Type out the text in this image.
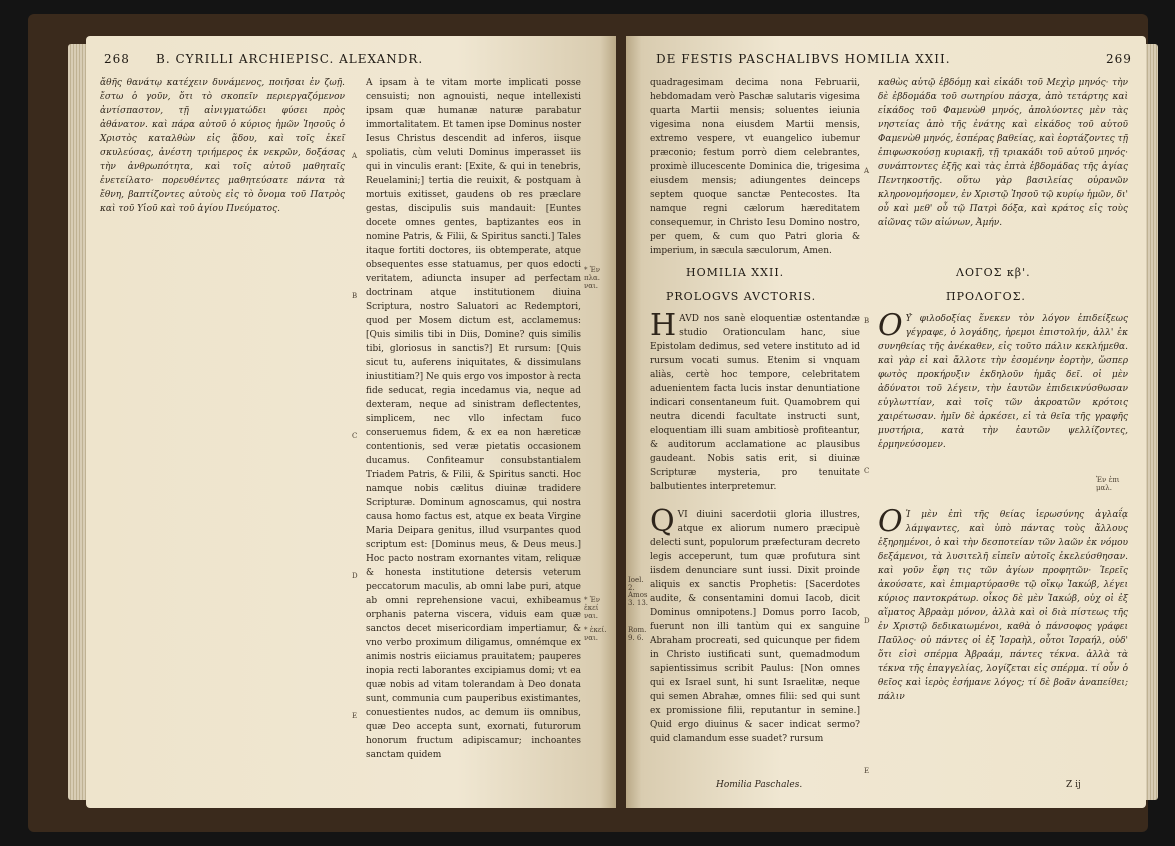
268 B. CYRILLI ARCHIEPISC. ALEXANDR.

ἄθῆς θανάτῳ κατέχειν δυνάμενος, ποιῆσαι ἐν ζωῇ. ἔστω ὁ γοῦν, ὅτι τὸ σκοπεῖν περιεργαζόμενον ἀντίσπαστον, τῇ αἰνιγματώδει φύσει πρὸς ἀθάνατον. καὶ πάρα αὐτοῦ ὁ κύριος ἡμῶν Ἰησοῦς ὁ Χριστὸς καταλθὼν εἰς ᾅδου, καὶ τοῖς ἐκεῖ σκυλεύσας, ἀνέστη τριήμερος ἐκ νεκρῶν, δοξάσας τὴν ἀνθρωπότητα, καὶ τοῖς αὐτοῦ μαθηταῖς ἐνετείλατο· πορευθέντες μαθητεύσατε πάντα τὰ ἔθνη, βαπτίζοντες αὐτοὺς εἰς τὸ ὄνομα τοῦ Πατρὸς καὶ τοῦ Υἱοῦ καὶ τοῦ ἁγίου Πνεύματος.

A
B
C
D
E

A ipsam à te vitam morte implicati posse censuisti; non agnouisti, neque intellexisti ipsam quæ humanæ naturæ parabatur immortalitatem. Et tamen ipse Dominus noster Iesus Christus descendit ad inferos, iisque spoliatis, cùm veluti Dominus imperasset iis qui in vinculis erant: [Exite, & qui in tenebris, Reuelamini;] tertia die reuixit, & postquam à mortuis exitisset, gaudens ob res præclare gestas, discipulis suis mandauit: [Euntes docete omnes gentes, baptizantes eos in nomine Patris, & Filii, & Spiritus sancti.] Tales itaque fortiti doctores, iis obtemperate, atque obsequentes esse statuamus, per quos edocti veritatem, adiuncta insuper ad perfectam doctrinam atque institutionem diuina Scriptura, nostro Saluatori ac Redemptori, quod per Mosem dictum est, acclamemus: [Quis similis tibi in Diis, Domine? quis similis tibi, gloriosus in sanctis?] Et rursum: [Quis sicut tu, auferens iniquitates, & dissimulans iniustitiam?] Ne quis ergo vos impostor à recta fide seducat, regia incedamus via, neque ad dexteram, neque ad sinistram deflectentes, simplicem, nec vllo infectam fuco conseruemus fidem, & ex ea non hæreticæ contentionis, sed veræ pietatis occasionem ducamus. Confiteamur consubstantialem Triadem Patris, & Filii, & Spiritus sancti. Hoc namque nobis cælitus diuinæ tradidere Scripturæ. Dominum agnoscamus, qui nostra causa homo factus est, atque ex beata Virgine Maria Deipara genitus, illud vsurpantes quod scriptum est: [Dominus meus, & Deus meus.] Hoc pacto nostram exornantes vitam, reliquæ & honesta institutione detersis veterum peccatorum maculis, ab omni labe puri, atque ab omni reprehensione vacui, exhibeamus orphanis paterna viscera, viduis eam quæ sanctos decet misericordiam impertiamur, & vno verbo proximum diligamus, omnémque ex animis nostris eiiciamus prauitatem; pauperes inopia recti laborantes excipiamus domi; vt ea quæ nobis ad vitam tolerandam à Deo donata sunt, communia cum pauperibus existimantes, conuestientes nudos, ac demum iis omnibus, quæ Deo accepta sunt, exornati, futurorum honorum fructum adipiscamur; inchoantes sanctam quidem

* Ἐν πλα. ναι.
* Ἐν ἐκεί ναι.
* ἐκεί. ναι.
DE FESTIS PASCHALIBVS HOMILIA XXII.	269

quadragesimam decima nona Februarii, hebdomadam verò Paschæ salutaris vigesima quarta Martii mensis; soluentes ieiunia vigesima nona eiusdem Martii mensis, extremo vespere, vt euangelico iubemur præconio; festum porrò diem celebrantes, proximè illucescente Dominica die, trigesima eiusdem mensis; adiungentes deinceps septem quoque sanctæ Pentecostes. Ita namque regni cælorum hæreditatem consequemur, in Christo Iesu Domino nostro, per quem, & cum quo Patri gloria & imperium, in sæcula sæculorum, Amen.

καθὼς αὐτῷ ἑβδόμῃ καὶ εἰκάδι τοῦ Μεχὶρ μηνός· τὴν δὲ ἑβδομάδα τοῦ σωτηρίου πάσχα, ἀπὸ τετάρτης καὶ εἰκάδος τοῦ Φαμενὼθ μηνός, ἀπολύοντες μὲν τὰς νηστείας ἀπὸ τῆς ἐνάτης καὶ εἰκάδος τοῦ αὐτοῦ Φαμενὼθ μηνός, ἑσπέρας βαθείας, καὶ ἑορτάζοντες τῇ ἐπιφωσκούσῃ κυριακῇ, τῇ τριακάδι τοῦ αὐτοῦ μηνός· συνάπτοντες ἑξῆς καὶ τὰς ἑπτὰ ἑβδομάδας τῆς ἁγίας Πεντηκοστῆς. οὕτω γὰρ βασιλείας οὐρανῶν κληρονομήσομεν, ἐν Χριστῷ Ἰησοῦ τῷ κυρίῳ ἡμῶν, δι' οὗ καὶ μεθ' οὗ τῷ Πατρὶ δόξα, καὶ κράτος εἰς τοὺς αἰῶνας τῶν αἰώνων, Ἀμήν.

HOMILIA XXII.	ΛΟΓΟΣ κβ'.
PROLOGVS AVCTORIS.	ΠΡΟΛΟΓΟΣ.
H AVD nos sanè eloquentiæ ostentandæ studio Orationculam hanc, siue Epistolam dedimus, sed vetere instituto ad id rursum vocati sumus. Etenim si vnquam aliàs, certè hoc tempore, celebritatem aduenientem facta lucis instar denuntiatione indicari consentaneum fuit. Quamobrem qui neutra dicendi facultate instructi sunt, eloquentiam illi suam ambitiosè profiteantur, & auditorum acclamatione ac plausibus gaudeant. Nobis satis erit, si diuinæ Scripturæ mysteria, pro tenuitate balbutientes interpretemur.
Ο Υ̓ φιλοδοξίας ἕνεκεν τὸν λόγον ἐπιδείξεως γέγραφε, ὁ λογάδης, ἠρεμοι ἐπιστολήν, ἀλλ' ἐκ συνηθείας τῆς ἀνέκαθεν, εἰς τοῦτο πάλιν κεκλήμεθα. καὶ γὰρ εἰ καὶ ἄλλοτε τὴν ἐσομένην ἑορτὴν, ὥσπερ φωτὸς προκήρυξιν ἐκδηλοῦν ἡμᾶς δεῖ. οἱ μὲν ἀδύνατοι τοῦ λέγειν, τὴν ἑαυτῶν ἐπιδεικνύσθωσαν εὐγλωττίαν, καὶ τοῖς τῶν ἀκροατῶν κρότοις χαιρέτωσαν. ἡμῖν δὲ ἀρκέσει, εἰ τὰ θεῖα τῆς γραφῆς μυστήρια, κατὰ τὴν ἑαυτῶν ψελλίζοντες, ἑρμηνεύσομεν.
Q VI diuini sacerdotii gloria illustres, atque ex aliorum numero præcipuè delecti sunt, populorum præfecturam decreto legis acceperunt, tum quæ profutura sint iisdem denunciare sunt iussi. Dixit proinde aliquis ex sanctis Prophetis: [Sacerdotes audite, & consentamini domui Iacob, dicit Dominus omnipotens.] Domus porro Iacob, fuerunt non illi tantùm qui ex sanguine Abraham procreati, sed quicunque per fidem in Christo iustificati sunt, quemadmodum sapientissimus scribit Paulus: [Non omnes qui ex Israel sunt, hi sunt Israelitæ, neque qui semen Abrahæ, omnes filii: sed qui sunt ex promissione filii, reputantur in semine.] Quid ergo diuinus & sacer indicat sermo? quid clamandum esse suadet? rursum
Ο Ἱ μὲν ἐπὶ τῆς θείας ἱερωσύνης ἀγλαΐᾳ λάμψαντες, καὶ ὑπὸ πάντας τοὺς ἄλλους ἐξηρημένοι, ὁ καὶ τὴν δεσποτείαν τῶν λαῶν ἐκ νόμου δεξάμενοι, τὰ λυσιτελῆ εἰπεῖν αὐτοῖς ἐκελεύσθησαν. καὶ γοῦν ἔφη τις τῶν ἁγίων προφητῶν· Ἱερεῖς ἀκούσατε, καὶ ἐπιμαρτύρασθε τῷ οἴκῳ Ἰακώβ, λέγει κύριος παντοκράτωρ. οἶκος δὲ μὲν Ἰακώβ, οὐχ οἱ ἐξ αἵματος Ἀβραὰμ μόνον, ἀλλὰ καὶ οἱ διὰ πίστεως τῆς ἐν Χριστῷ δεδικαιωμένοι, καθὰ ὁ πάνσοφος γράφει Παῦλος· οὐ πάντες οἱ ἐξ Ἰσραὴλ, οὗτοι Ἰσραήλ, οὐδ' ὅτι εἰσὶ σπέρμα Ἀβραάμ, πάντες τέκνα. ἀλλὰ τὰ τέκνα τῆς ἐπαγγελίας, λογίζεται εἰς σπέρμα. τί οὖν ὁ θεῖος καὶ ἱερὸς ἐσήμανε λόγος; τί δὲ βοᾶν ἀναπείθει; πάλιν
A
B
C
D
E
Ioel. 2.
Amos 3. 13.
Rom. 9. 6.
Ἐν ἐπι μαλ.
Homilia Paschales.	Z ij
